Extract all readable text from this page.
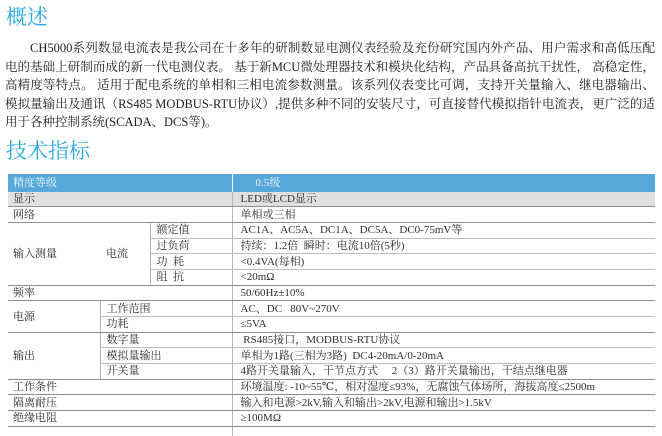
概述

CH5000系列数显电流表是我公司在十多年的研制数显电测仪表经验及充份研究国内外产品、用户需求和高低压配电的基础上研制而成的新一代电测仪表。 基于新MCU微处理器技术和模块化结构，产品具备高抗干扰性， 高稳定性， 高精度等特点。 适用于配电系统的单相和三相电流参数测量。该系列仪表变比可调，支持开关量输入、继电器输出、模拟量输出及通讯（RS485 MODBUS-RTU协议）,提供多种不同的安装尺寸，可直接替代模拟指针电流表，更广泛的适用于各种控制系统(SCADA、DCS等)。

技术指标
精度等级			0.5级
显示			LED或LCD显示
网络			单相或三相
输入测量	电流	额定值	AC1A、AC5A、DC1A、DC5A、DC0-75mV等
		过负荷	持续：1.2倍  瞬时：电流10倍(5秒)
		功  耗	<0.4VA(每相)
		阻  抗	<20mΩ
频率			50/60Hz±10%
电源	工作范围		AC、DC   80V~270V
	功耗		≤5VA
输出	数字量		RS485接口，MODBUS-RTU协议
	模拟量输出		单相为1路(三相为3路)  DC4-20mA/0-20mA
	开关量		4路开关量输入，干节点方式     2（3）路开关量输出，干结点继电器
工作条件			环境温度: -10~55℃，相对湿度≤93%，无腐蚀气体场所，海拔高度≤2500m
隔离耐压			输入和电源>2kV,输入和输出>2kV,电源和输出>1.5kV
绝缘电阻			≥100MΩ
